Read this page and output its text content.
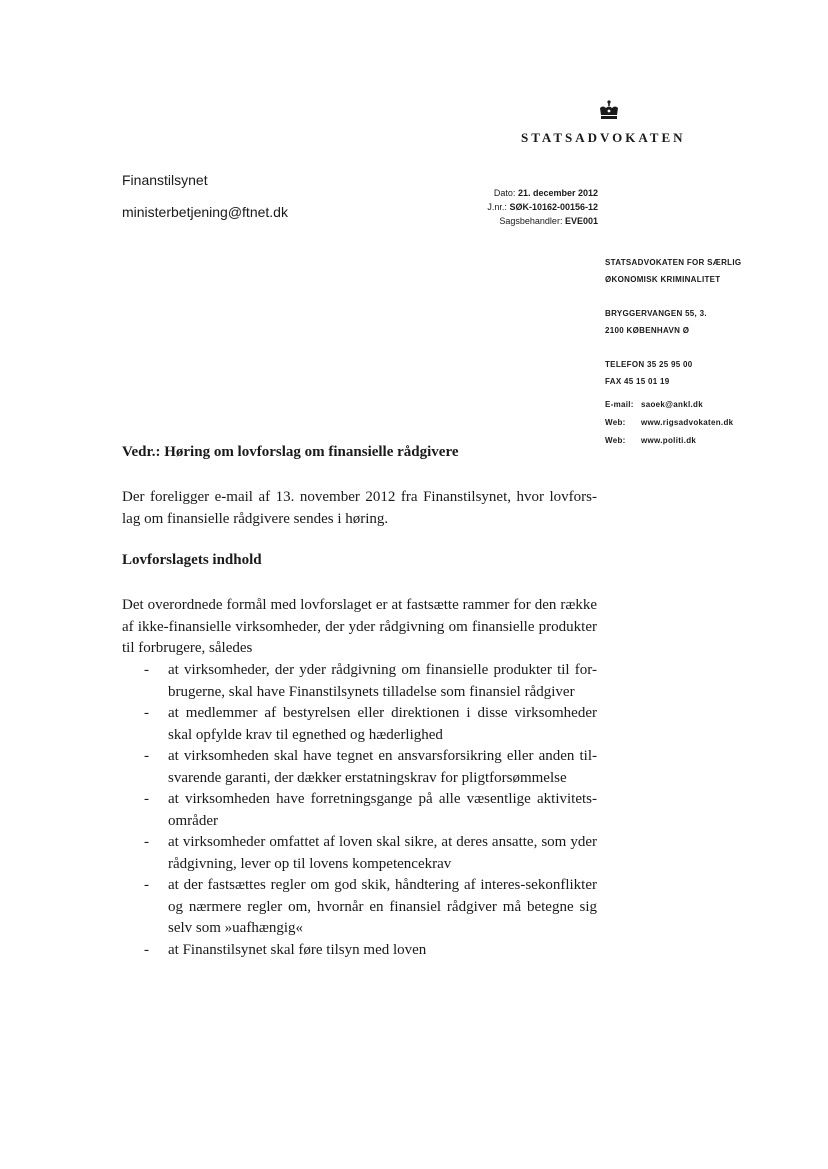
STATSADVOKATEN
Finanstilsynet
ministerbetjening@ftnet.dk
Dato: 21. december 2012
J.nr.: SØK-10162-00156-12
Sagsbehandler: EVE001
STATSADVOKATEN FOR SÆRLIG
ØKONOMISK KRIMINALITET
BRYGGERVANGEN 55, 3.
2100 KØBENHAVN Ø
TELEFON 35 25 95 00
FAX 45 15 01 19
E-mail: saoek@ankl.dk
Web:	www.rigsadvokaten.dk
Web:	www.politi.dk
Vedr.: Høring om lovforslag om finansielle rådgivere
Der foreligger e-mail af 13. november 2012 fra Finanstilsynet, hvor lovfors-lag om finansielle rådgivere sendes i høring.
Lovforslagets indhold
Det overordnede formål med lovforslaget er at fastsætte rammer for den række af ikke-finansielle virksomheder, der yder rådgivning om finansielle produkter til forbrugere, således
- at virksomheder, der yder rådgivning om finansielle produkter til for-brugerne, skal have Finanstilsynets tilladelse som finansiel rådgiver
- at medlemmer af bestyrelsen eller direktionen i disse virksomheder skal opfylde krav til egnethed og hæderlighed
- at virksomheden skal have tegnet en ansvarsforsikring eller anden til-svarende garanti, der dækker erstatningskrav for pligtforsømmelse
- at virksomheden have forretningsgange på alle væsentlige aktivitets-områder
- at virksomheder omfattet af loven skal sikre, at deres ansatte, som yder rådgivning, lever op til lovens kompetencekrav
- at der fastsættes regler om god skik, håndtering af interes-sekonflikter og nærmere regler om, hvornår en finansiel rådgiver må betegne sig selv som »uafhængig«
- at Finanstilsynet skal føre tilsyn med loven
